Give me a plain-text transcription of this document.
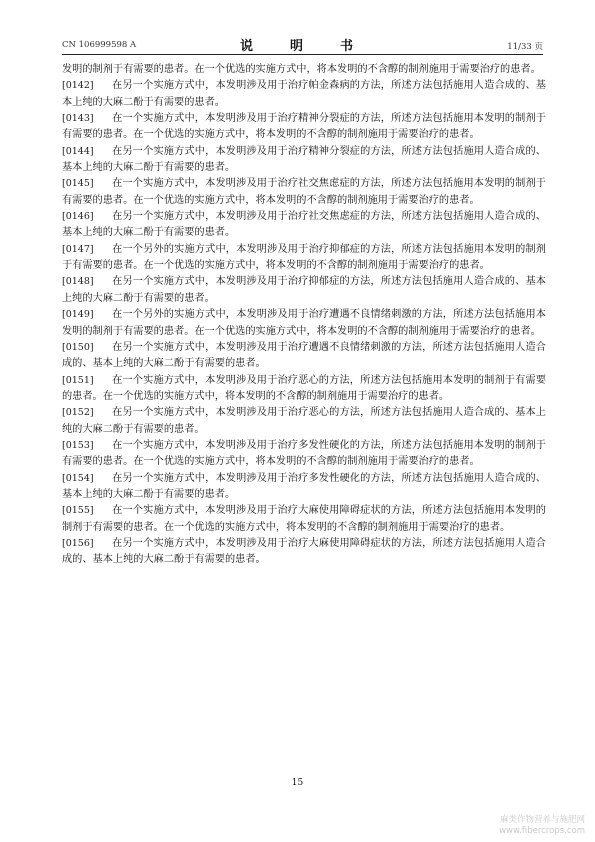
CN 106999598 A	说　明　书	11/33 页

发明的制剂于有需要的患者。在一个优选的实施方式中，将本发明的不含醇的制剂施用于需要治疗的患者。

[0142] 在另一个实施方式中，本发明涉及用于治疗帕金森病的方法，所述方法包括施用人造合成的、基本上纯的大麻二酚于有需要的患者。

[0143] 在一个实施方式中，本发明涉及用于治疗精神分裂症的方法，所述方法包括施用本发明的制剂于有需要的患者。在一个优选的实施方式中，将本发明的不含醇的制剂施用于需要治疗的患者。

[0144] 在另一个实施方式中，本发明涉及用于治疗精神分裂症的方法，所述方法包括施用人造合成的、基本上纯的大麻二酚于有需要的患者。

[0145] 在一个实施方式中，本发明涉及用于治疗社交焦虑症的方法，所述方法包括施用本发明的制剂于有需要的患者。在一个优选的实施方式中，将本发明的不含醇的制剂施用于需要治疗的患者。

[0146] 在另一个实施方式中，本发明涉及用于治疗社交焦虑症的方法，所述方法包括施用人造合成的、基本上纯的大麻二酚于有需要的患者。

[0147] 在一个另外的实施方式中，本发明涉及用于治疗抑郁症的方法，所述方法包括施用本发明的制剂于有需要的患者。在一个优选的实施方式中，将本发明的不含醇的制剂施用于需要治疗的患者。

[0148] 在另一个实施方式中，本发明涉及用于治疗抑郁症的方法，所述方法包括施用人造合成的、基本上纯的大麻二酚于有需要的患者。

[0149] 在一个另外的实施方式中，本发明涉及用于治疗遭遇不良情绪刺激的方法，所述方法包括施用本发明的制剂于有需要的患者。在一个优选的实施方式中，将本发明的不含醇的制剂施用于需要治疗的患者。

[0150] 在另一个实施方式中，本发明涉及用于治疗遭遇不良情绪刺激的方法，所述方法包括施用人造合成的、基本上纯的大麻二酚于有需要的患者。

[0151] 在一个实施方式中，本发明涉及用于治疗恶心的方法，所述方法包括施用本发明的制剂于有需要的患者。在一个优选的实施方式中，将本发明的不含醇的制剂施用于需要治疗的患者。

[0152] 在另一个实施方式中，本发明涉及用于治疗恶心的方法，所述方法包括施用人造合成的、基本上纯的大麻二酚于有需要的患者。

[0153] 在一个实施方式中，本发明涉及用于治疗多发性硬化的方法，所述方法包括施用本发明的制剂于有需要的患者。在一个优选的实施方式中，将本发明的不含醇的制剂施用于需要治疗的患者。

[0154] 在另一个实施方式中，本发明涉及用于治疗多发性硬化的方法，所述方法包括施用人造合成的、基本上纯的大麻二酚于有需要的患者。

[0155] 在一个实施方式中，本发明涉及用于治疗大麻使用障碍症状的方法，所述方法包括施用本发明的制剂于有需要的患者。在一个优选的实施方式中，将本发明的不含醇的制剂施用于需要治疗的患者。

[0156] 在另一个实施方式中，本发明涉及用于治疗大麻使用障碍症状的方法，所述方法包括施用人造合成的、基本上纯的大麻二酚于有需要的患者。

15
麻类作物营养与施肥网
www.fibercrops.com
